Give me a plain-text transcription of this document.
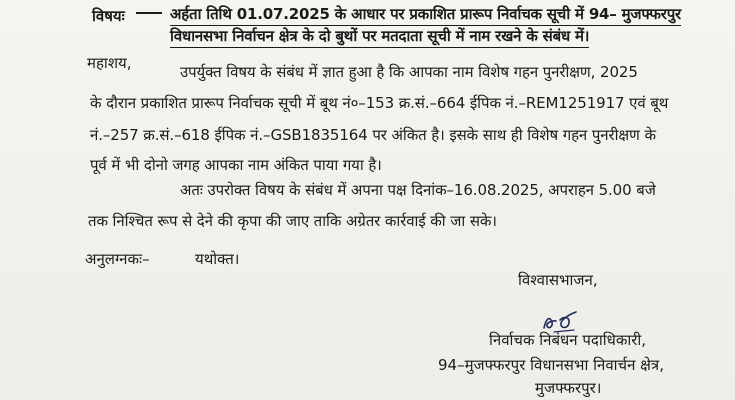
विषयः	अर्हता तिथि 01.07.2025 के आधार पर प्रकाशित प्रारूप निर्वाचक सूची में 94– मुजफ्फरपुर
विधानसभा निर्वाचन क्षेत्र के दो बुथों पर मतदाता सूची में नाम रखने के संबंध में।
महाशय,	उपर्युक्त विषय के संबंध में ज्ञात हुआ है कि आपका नाम विशेष गहन पुनरीक्षण, 2025
के दौरान प्रकाशित प्रारूप निर्वाचक सूची में बूथ नं०–153 क्र.सं.–664 ईपिक नं.–REM1251917 एवं बूथ
नं.–257 क्र.सं.–618 ईपिक नं.–GSB1835164 पर अंकित है। इसके साथ ही विशेष गहन पुनरीक्षण के
पूर्व में भी दोनो जगह आपका नाम अंकित पाया गया है।
अतः उपरोक्त विषय के संबंध में अपना पक्ष दिनांक–16.08.2025, अपराहन 5.00 बजे
तक निश्चित रूप से देने की कृपा की जाए ताकि अग्रेतर कार्रवाई की जा सके।
अनुलग्नकः–	यथोक्त।
विश्वासभाजन,
निर्वाचक निबंधन पदाधिकारी,
94–मुजफ्फरपुर विधानसभा निवार्चन क्षेत्र,
मुजफ्फरपुर।
